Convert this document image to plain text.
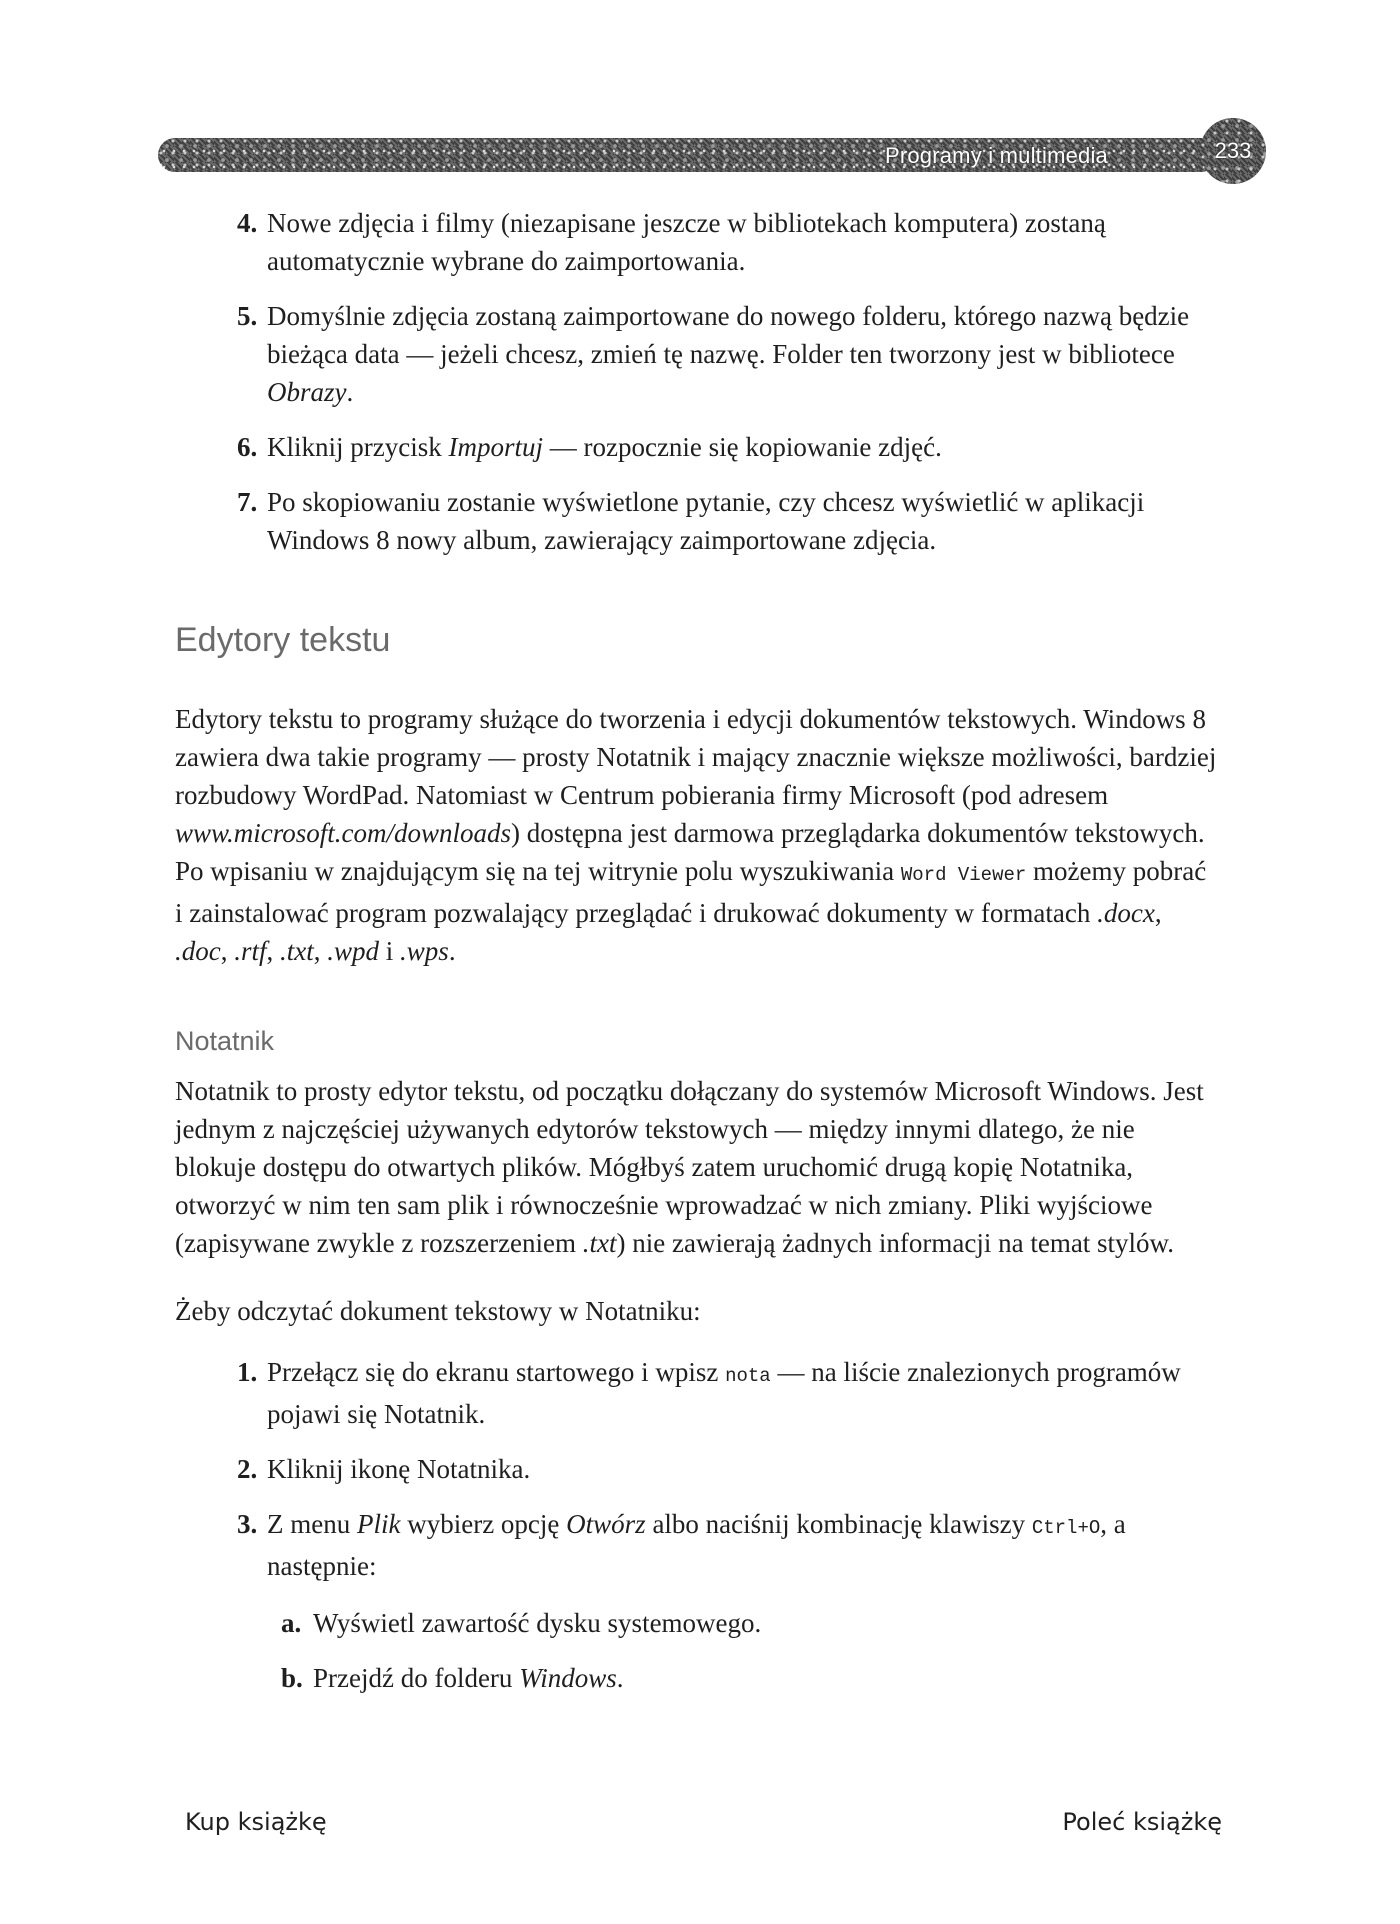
Programy i multimedia	233
4. Nowe zdjęcia i filmy (niezapisane jeszcze w bibliotekach komputera) zostaną automatycznie wybrane do zaimportowania.
5. Domyślnie zdjęcia zostaną zaimportowane do nowego folderu, którego nazwą będzie bieżąca data — jeżeli chcesz, zmień tę nazwę. Folder ten tworzony jest w bibliotece Obrazy.
6. Kliknij przycisk Importuj — rozpocznie się kopiowanie zdjęć.
7. Po skopiowaniu zostanie wyświetlone pytanie, czy chcesz wyświetlić w aplikacji Windows 8 nowy album, zawierający zaimportowane zdjęcia.
Edytory tekstu

Edytory tekstu to programy służące do tworzenia i edycji dokumentów tekstowych. Windows 8 zawiera dwa takie programy — prosty Notatnik i mający znacznie większe możliwości, bardziej rozbudowy WordPad. Natomiast w Centrum pobierania firmy Microsoft (pod adresem www.microsoft.com/downloads) dostępna jest darmowa przeglądarka dokumentów tekstowych. Po wpisaniu w znajdującym się na tej witrynie polu wyszukiwania Word Viewer możemy pobrać i zainstalować program pozwalający przeglądać i drukować dokumenty w formatach .docx, .doc, .rtf, .txt, .wpd i .wps.

Notatnik

Notatnik to prosty edytor tekstu, od początku dołączany do systemów Microsoft Windows. Jest jednym z najczęściej używanych edytorów tekstowych — między innymi dlatego, że nie blokuje dostępu do otwartych plików. Mógłbyś zatem uruchomić drugą kopię Notatnika, otworzyć w nim ten sam plik i równocześnie wprowadzać w nich zmiany. Pliki wyjściowe (zapisywane zwykle z rozszerzeniem .txt) nie zawierają żadnych informacji na temat stylów.

Żeby odczytać dokument tekstowy w Notatniku:

1. Przełącz się do ekranu startowego i wpisz nota — na liście znalezionych programów pojawi się Notatnik.
2. Kliknij ikonę Notatnika.
3. Z menu Plik wybierz opcję Otwórz albo naciśnij kombinację klawiszy Ctrl+O, a następnie:
a. Wyświetl zawartość dysku systemowego.
b. Przejdź do folderu Windows.
Kup książkę	Poleć książkę
